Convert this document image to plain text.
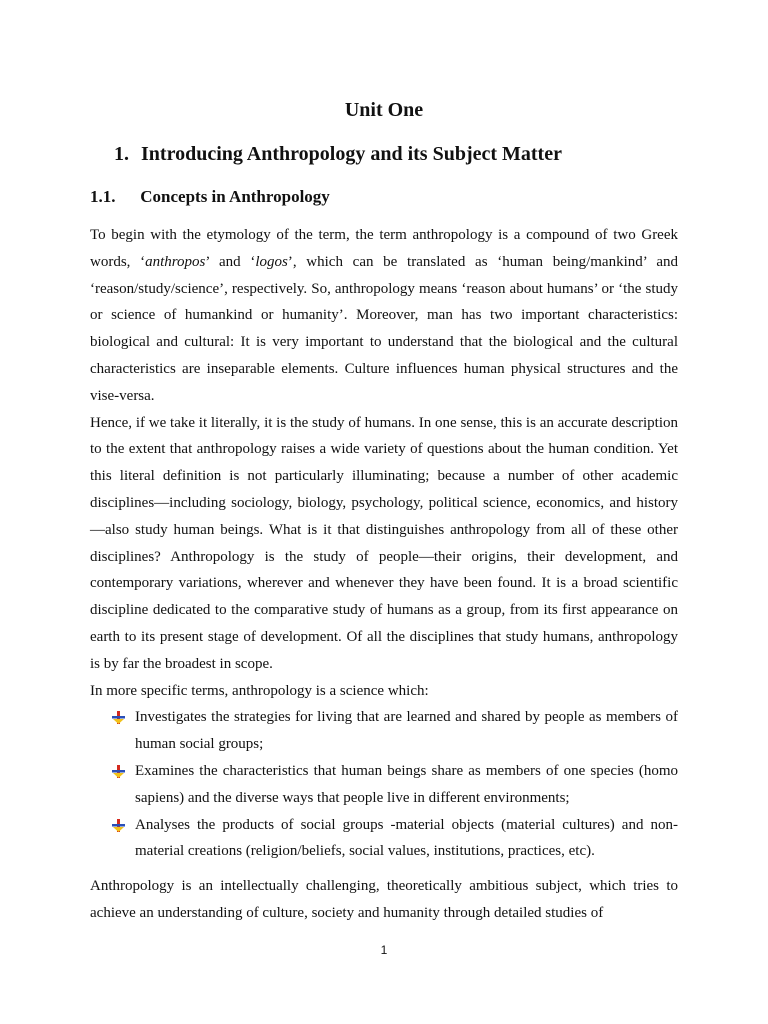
Unit One
1. Introducing Anthropology and its Subject Matter
1.1. Concepts in Anthropology

To begin with the etymology of the term, the term anthropology is a compound of two Greek words, ‘anthropos’ and ‘logos’, which can be translated as ‘human being/mankind’ and ‘reason/study/science’, respectively. So, anthropology means ‘reason about humans’ or ‘the study or science of humankind or humanity’. Moreover, man has two important characteristics: biological and cultural: It is very important to understand that the biological and the cultural characteristics are inseparable elements. Culture influences human physical structures and the vise-versa.

Hence, if we take it literally, it is the study of humans. In one sense, this is an accurate description to the extent that anthropology raises a wide variety of questions about the human condition. Yet this literal definition is not particularly illuminating; because a number of other academic disciplines—including sociology, biology, psychology, political science, economics, and history—also study human beings. What is it that distinguishes anthropology from all of these other disciplines? Anthropology is the study of people—their origins, their development, and contemporary variations, wherever and whenever they have been found. It is a broad scientific discipline dedicated to the comparative study of humans as a group, from its first appearance on earth to its present stage of development. Of all the disciplines that study humans, anthropology is by far the broadest in scope.

In more specific terms, anthropology is a science which:

Investigates the strategies for living that are learned and shared by people as members of human social groups;
Examines the characteristics that human beings share as members of one species (homo sapiens) and the diverse ways that people live in different environments;
Analyses the products of social groups -material objects (material cultures) and non-material creations (religion/beliefs, social values, institutions, practices, etc).

Anthropology is an intellectually challenging, theoretically ambitious subject, which tries to achieve an understanding of culture, society and humanity through detailed studies of

1
